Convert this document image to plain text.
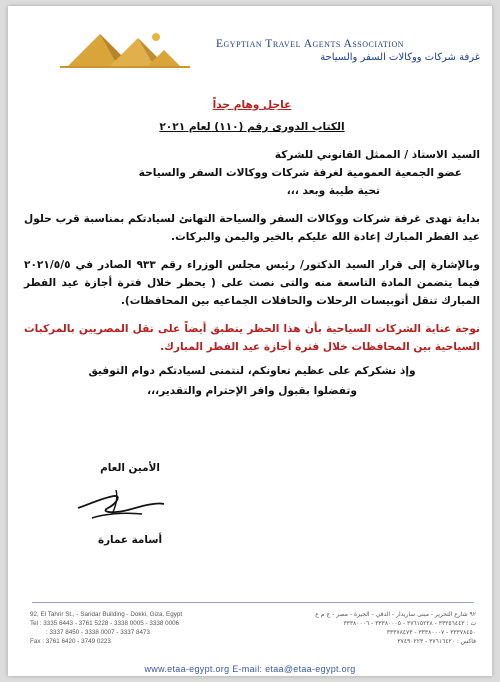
Egyptian Travel Agents Association
غرفة شركات ووكالات السفر والسياحة

عاجل وهام جداً

الكتاب الدورى رقم (١١٠) لعام ٢٠٢١

السيد الاستاذ / الممثل القانوني للشركة

عضو الجمعية العمومية لغرفة شركات ووكالات السفر والسياحة

تحية طيبة وبعد ،،،

بداية تهدى غرفة شركات ووكالات السفر والسياحة التهانئ لسيادتكم بمناسبة قرب حلول عيد الفطر المبارك إعادة الله عليكم بالخير واليمن والبركات.

وبالإشارة إلى قرار السيد الدكتور/ رئيس مجلس الوزراء رقم ٩٣٣ الصادر في ٢٠٢١/٥/٥ فيما يتضمن المادة التاسعة منه والتى نصت على ( يحظر خلال فترة أجازة عيد الفطر المبارك تنقل أتوبيسات الرحلات والحافلات الجماعيه بين المحافظات).

نوجة عناية الشركات السياحية بأن هذا الحظر ينطبق أيضاً على نقل المصريين بالمركبات السياحية بين المحافظات خلال فترة أجازة عيد الفطر المبارك.

وإذ نشكركم على عظيم تعاونكم، لنتمنى لسيادتكم دوام التوفيق

وتفضلوا بقبول وافر الإحترام والتقدير،،،

الأمين العام
أسامة عمارة

92, El Tahrir St., - Saridar Building - Dokki, Giza, Egypt

Tel : 3335 6443 - 3761 5228 - 3338 0005 - 3338 0006

: 3337 8450 - 3338 0007 - 3337 8473

Fax : 3761 6420 - 3749 0223

٩٢ شارع التحرير - مبنى ساريدار - الدقي - الجيزة - مصر - ج م ع

ت : ٣٣٣٥٦٤٤٣ - ٣٧٦١٥٢٢٨ - ٣٣٣٨٠٠٠٥ - ٣٣٣٨٠٠٠٦

٣٣٣٧٨٤٥٠ - ٣٣٣٨٠٠٠٧ - ٣٣٣٧٨٤٧٣

فاكس : ٣٧٦١٦٤٢٠ - ٣٧٤٩٠٢٢٣

www.etaa-egypt.org E-mail: etaa@etaa-egypt.org
